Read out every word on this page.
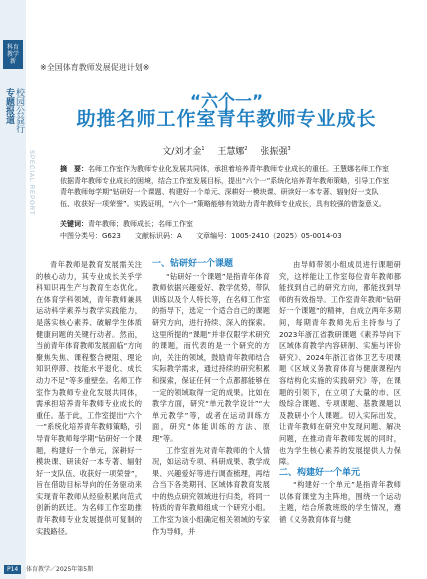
科育
教学
新
专题报道 校园公益行
SPECIAL REPORT
※全国体育教师发展促进计划※
“六个一”
助推名师工作室青年教师专业成长
文/刘才金$^1$ 王慧娜$^2$ 张振强$^3$
摘　要：名师工作室作为教师专业化发展共同体，承担着培养青年教师专业成长的重任。王慧娜名师工作室依据青年教师专业成长的困境，结合工作室发展目标，提出“六个一”系统化培养青年教师策略，引导工作室青年教师每学期“钻研好一个课题、构建好一个单元、深耕好一模块课、研读好一本专著、辐射好一支队伍、收获好一项荣誉”。实践证明，“六个一”策略能够有效助力青年教师专业成长，具有较强的借鉴意义。
关键词：青年教师；教师成长；名师工作室
中图分类号：G623 文献标识码：A 文章编号：1005-2410（2025）05-0014-03

青年教师是教育发展需关注的核心动力，其专业成长关乎学科知识再生产与教育生态优化。在体育学科领域，青年教师兼具运动科学素养与教学实践能力，是落实核心素养、破解学生体质健康问题的关键行动者。然而，当前青年体育教师发展面临“方向聚焦失焦、课程整合梗阻、理论知识停滞、技能水平退化、成长动力不足”等多重壁垒。名师工作室作为教师专业化发展共同体，需承担培养青年教师专业成长的重任。基于此，工作室提出“六个一”系统化培养青年教师策略，引导青年教师每学期“钻研好一个课题，构建好一个单元，深耕好一模块课、研读好一本专著、辐射好一支队伍、收获好一项荣誉”，旨在借助目标导向的任务驱动来实现青年教师从经验积累向范式创新的跃迁。为名师工作室助推青年教师专业发展提供可复制的实践路径。

一、钻研好一个课题

“钻研好一个课题”是指青年体育教师依据兴趣爱好、教学优势，带队训练以及个人特长等，在名师工作室的指导下，选定一个适合自己的课题研究方向，进行持续、深入的探索。这里所提的“课题”并非仅限学术研究的课题，而代表的是一个研究的方向，关注的领域，鼓励青年教师结合实际教学需求，通过持续的研究积累和探索，保证任何一个点都都能够在一定的领域取得一定的成果。比如在教学方面，研究“单元教学设计”“大单元教学”等，或者在运动训练方面，研究“体能训练的方法、原理”等。

工作室首先对青年教师的个人情况，如运动专项、科研成果、教学成果、兴趣爱好等进行调查梳理，再结合当下各类期刊、区域体育教育发展中的热点研究领域进行归类，将同一特质的青年教师组成一个研究小组。工作室为该小组确定相关领域的专家作为导师，并

由导师带领小组成员进行课题研究，这样能让工作室每位青年教师都能找到自己的研究方向，都能找到导师的有效指导。工作室青年教师“钻研好一个课题”的精神，自成立两年多期间，每期青年教师先后主持参与了2023年浙江省教研课题《素养导向下区域体育教学内容研制、实施与评价研究》、2024年浙江省体卫艺专项课题《区域义务教育体育与健康课程内容结构化实施的实践研究》等，在课题的引领下，在立项了大量的市、区级综合课题、专项课题、基教课题以及教研小个人课题。切入实际出发，让青年教师在研究中发现问题、解决问题，在推动青年教师发展的同时，也为学生核心素养的发展提供人力保障。

二、构建好一个单元

“构建好一个单元”是指青年教师以体育课堂为主阵地，围绕一个运动主题，结合所教班级的学生情况，遵循《义务教育体育与健

P14	体育教学／2025年第5期
